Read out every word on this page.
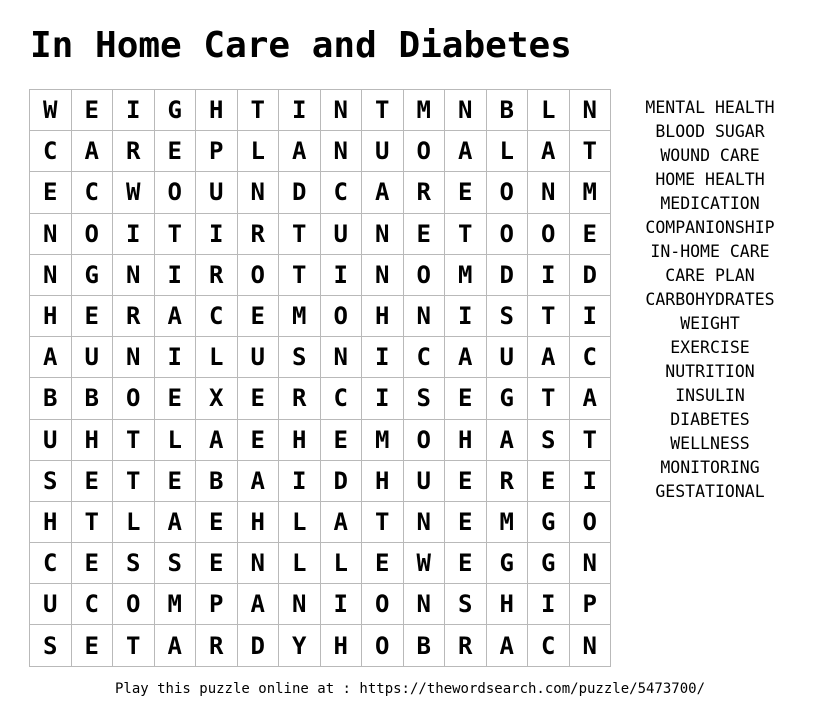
In Home Care and Diabetes
W	E	I	G	H	T	I	N	T	M	N	B	L	N
C	A	R	E	P	L	A	N	U	O	A	L	A	T
E	C	W	O	U	N	D	C	A	R	E	O	N	M
N	O	I	T	I	R	T	U	N	E	T	O	O	E
N	G	N	I	R	O	T	I	N	O	M	D	I	D
H	E	R	A	C	E	M	O	H	N	I	S	T	I
A	U	N	I	L	U	S	N	I	C	A	U	A	C
B	B	O	E	X	E	R	C	I	S	E	G	T	A
U	H	T	L	A	E	H	E	M	O	H	A	S	T
S	E	T	E	B	A	I	D	H	U	E	R	E	I
H	T	L	A	E	H	L	A	T	N	E	M	G	O
C	E	S	S	E	N	L	L	E	W	E	G	G	N
U	C	O	M	P	A	N	I	O	N	S	H	I	P
S	E	T	A	R	D	Y	H	O	B	R	A	C	N
MENTAL HEALTH
BLOOD SUGAR
WOUND CARE
HOME HEALTH
MEDICATION
COMPANIONSHIP
IN-HOME CARE
CARE PLAN
CARBOHYDRATES
WEIGHT
EXERCISE
NUTRITION
INSULIN
DIABETES
WELLNESS
MONITORING
GESTATIONAL
Play this puzzle online at : https://thewordsearch.com/puzzle/5473700/
